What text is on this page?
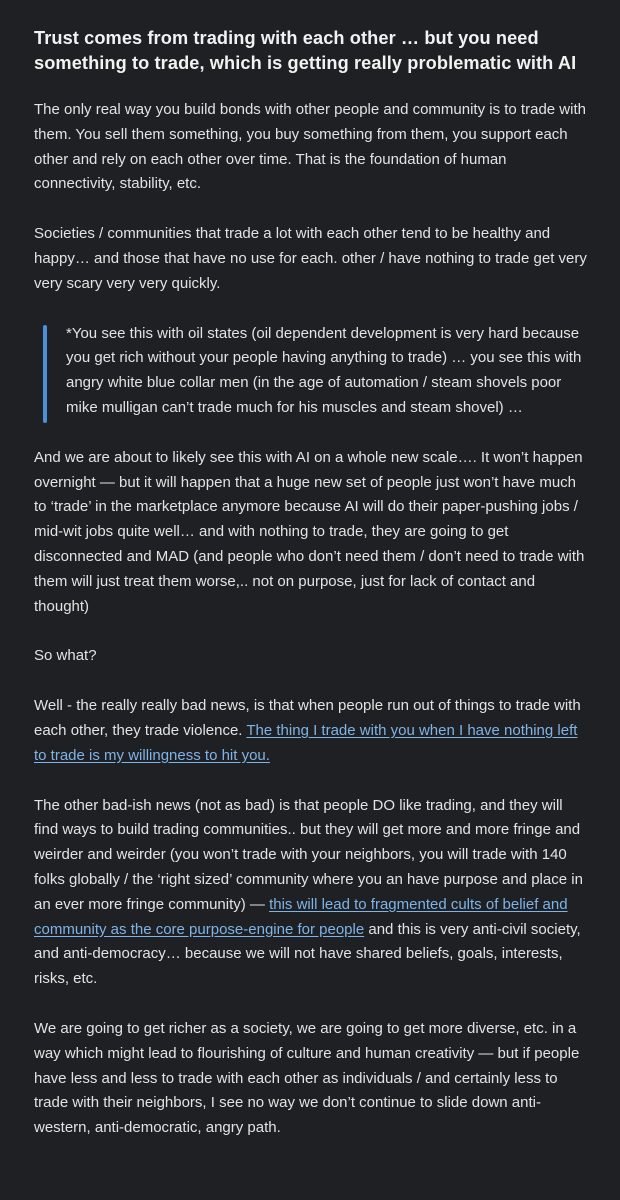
Trust comes from trading with each other … but you need something to trade, which is getting really problematic with AI

The only real way you build bonds with other people and community is to trade with them. You sell them something, you buy something from them, you support each other and rely on each other over time. That is the foundation of human connectivity, stability, etc.

Societies / communities that trade a lot with each other tend to be healthy and happy… and those that have no use for each. other / have nothing to trade get very very scary very very quickly.

*You see this with oil states (oil dependent development is very hard because you get rich without your people having anything to trade) … you see this with angry white blue collar men (in the age of automation / steam shovels poor mike mulligan can’t trade much for his muscles and steam shovel) …

And we are about to likely see this with AI on a whole new scale…. It won’t happen overnight — but it will happen that a huge new set of people just won’t have much to ‘trade’ in the marketplace anymore because AI will do their paper-pushing jobs / mid-wit jobs quite well… and with nothing to trade, they are going to get disconnected and MAD (and people who don’t need them / don’t need to trade with them will just treat them worse,.. not on purpose, just for lack of contact and thought)

So what?

Well - the really really bad news, is that when people run out of things to trade with each other, they trade violence. The thing I trade with you when I have nothing left to trade is my willingness to hit you.

The other bad-ish news (not as bad) is that people DO like trading, and they will find ways to build trading communities.. but they will get more and more fringe and weirder and weirder (you won’t trade with your neighbors, you will trade with 140 folks globally / the ‘right sized’ community where you an have purpose and place in an ever more fringe community) — this will lead to fragmented cults of belief and community as the core purpose-engine for people and this is very anti-civil society, and anti-democracy… because we will not have shared beliefs, goals, interests, risks, etc.

We are going to get richer as a society, we are going to get more diverse, etc. in a way which might lead to flourishing of culture and human creativity — but if people have less and less to trade with each other as individuals / and certainly less to trade with their neighbors, I see no way we don’t continue to slide down anti-western, anti-democratic, angry path.
